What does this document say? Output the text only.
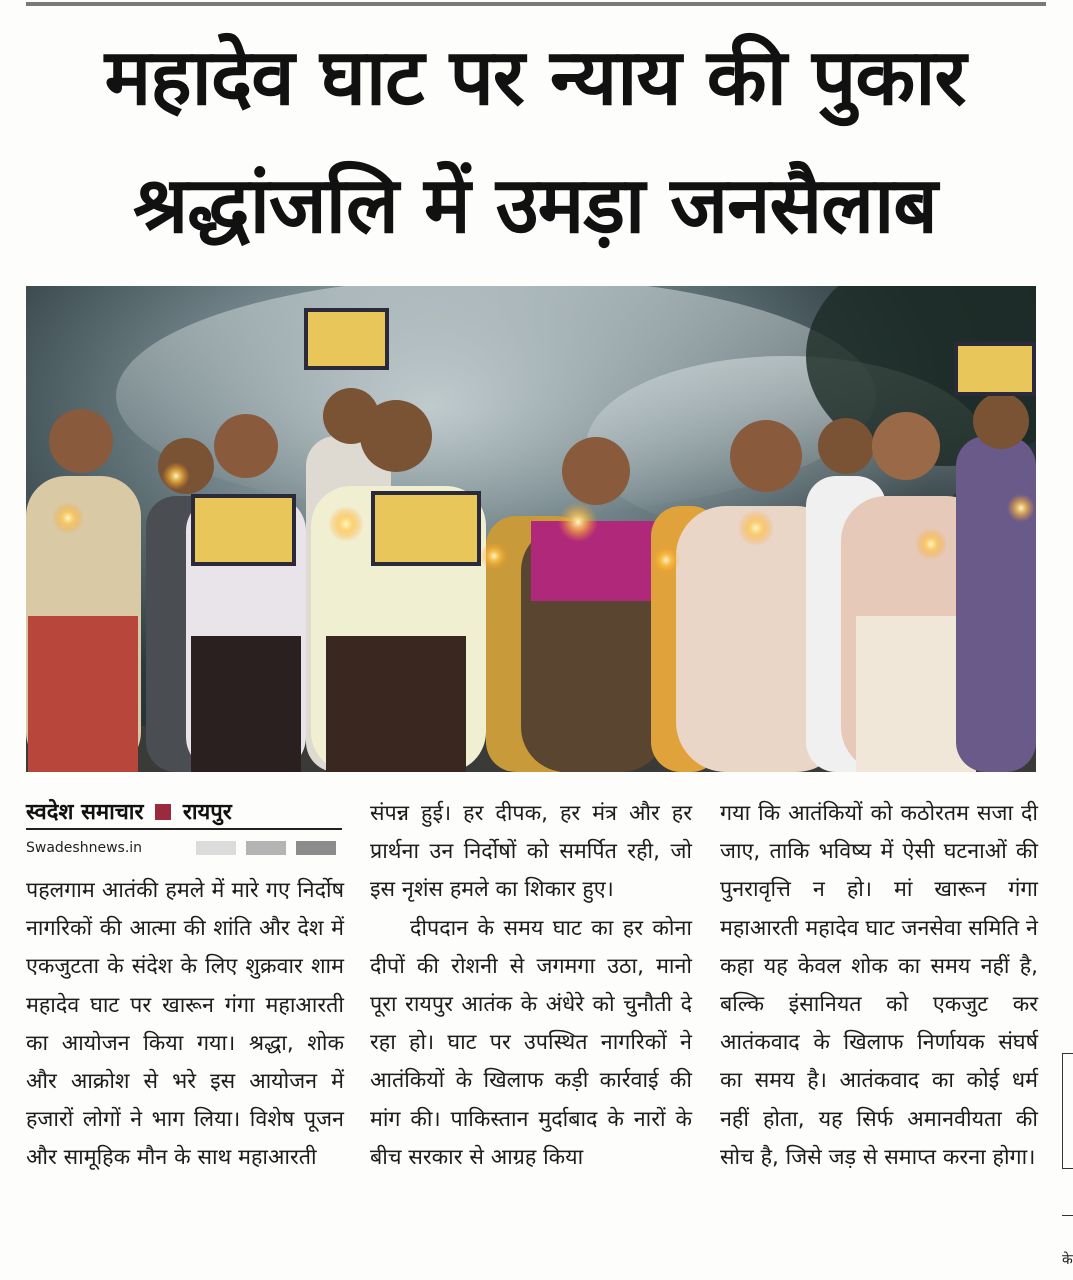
महादेव घाट पर न्याय की पुकार
श्रद्धांजलि में उमड़ा जनसैलाब
स्वदेश समाचार रायपुर
Swadeshnews.in

पहलगाम आतंकी हमले में मारे गए निर्दोष नागरिकों की आत्मा की शांति और देश में एकजुटता के संदेश के लिए शुक्रवार शाम महादेव घाट पर खारून गंगा महाआरती का आयोजन किया गया। श्रद्धा, शोक और आक्रोश से भरे इस आयोजन में हजारों लोगों ने भाग लिया। विशेष पूजन और सामूहिक मौन के साथ महाआरती

संपन्न हुई। हर दीपक, हर मंत्र और हर प्रार्थना उन निर्दोषों को समर्पित रही, जो इस नृशंस हमले का शिकार हुए।

दीपदान के समय घाट का हर कोना दीपों की रोशनी से जगमगा उठा, मानो पूरा रायपुर आतंक के अंधेरे को चुनौती दे रहा हो। घाट पर उपस्थित नागरिकों ने आतंकियों के खिलाफ कड़ी कार्रवाई की मांग की। पाकिस्तान मुर्दाबाद के नारों के बीच सरकार से आग्रह किया

गया कि आतंकियों को कठोरतम सजा दी जाए, ताकि भविष्य में ऐसी घटनाओं की पुनरावृत्ति न हो। मां खारून गंगा महाआरती महादेव घाट जनसेवा समिति ने कहा यह केवल शोक का समय नहीं है, बल्कि इंसानियत को एकजुट कर आतंकवाद के खिलाफ निर्णायक संघर्ष का समय है। आतंकवाद का कोई धर्म नहीं होता, यह सिर्फ अमानवीयता की सोच है, जिसे जड़ से समाप्त करना होगा।

के
